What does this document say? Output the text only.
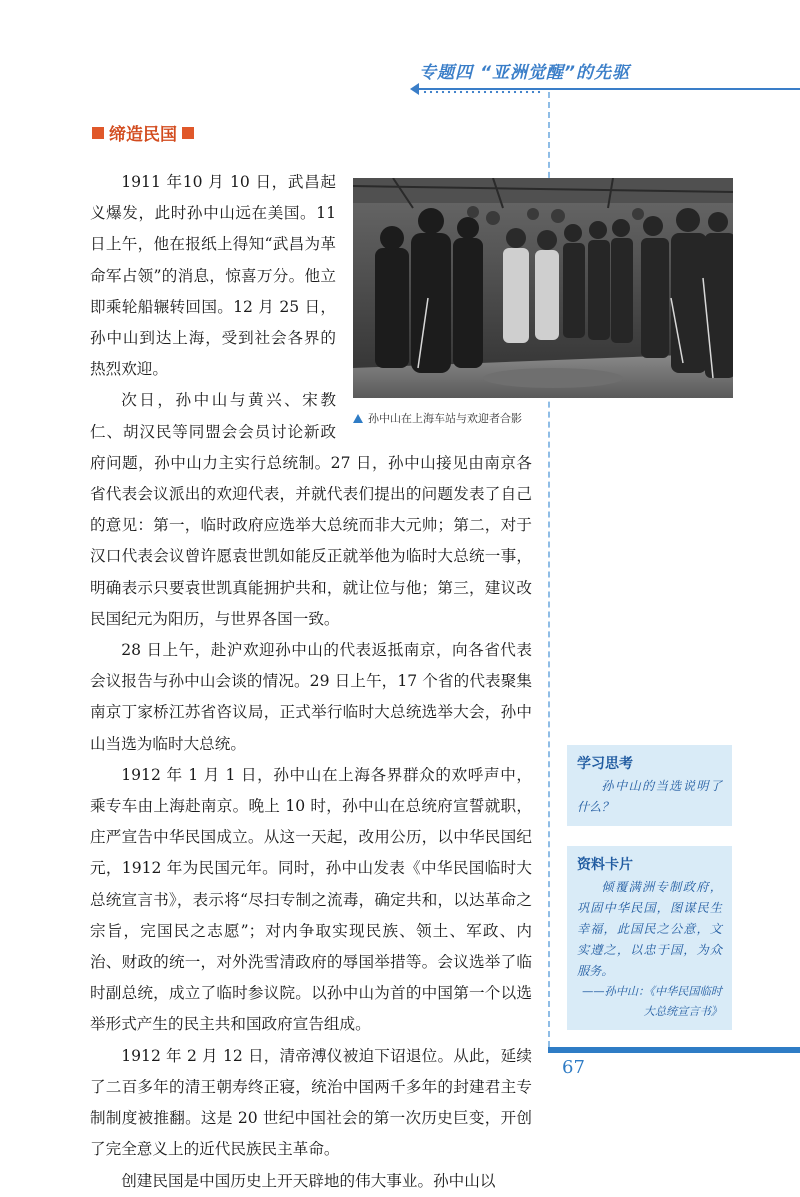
专题四 “亚洲觉醒”的先驱
缔造民国

1911 年10 月 10 日，武昌起义爆发，此时孙中山远在美国。11 日上午，他在报纸上得知“武昌为革命军占领”的消息，惊喜万分。他立即乘轮船辗转回国。12 月 25 日，孙中山到达上海，受到社会各界的热烈欢迎。

次日，孙中山与黄兴、宋教仁、胡汉民等同盟会会员讨论新政府问题，孙中山力主实行总统制。27 日，孙中山接见由南京各省代表会议派出的欢迎代表，并就代表们提出的问题发表了自己的意见：第一，临时政府应选举大总统而非大元帅；第二，对于汉口代表会议曾许愿袁世凯如能反正就举他为临时大总统一事，明确表示只要袁世凯真能拥护共和，就让位与他；第三，建议改民国纪元为阳历，与世界各国一致。

28 日上午，赴沪欢迎孙中山的代表返抵南京，向各省代表会议报告与孙中山会谈的情况。29 日上午，17 个省的代表聚集南京丁家桥江苏省咨议局，正式举行临时大总统选举大会，孙中山当选为临时大总统。

1912 年 1 月 1 日，孙中山在上海各界群众的欢呼声中，乘专车由上海赴南京。晚上 10 时，孙中山在总统府宣誓就职，庄严宣告中华民国成立。从这一天起，改用公历，以中华民国纪元，1912 年为民国元年。同时，孙中山发表《中华民国临时大总统宣言书》，表示将“尽扫专制之流毒，确定共和，以达革命之宗旨，完国民之志愿”；对内争取实现民族、领土、军政、内治、财政的统一，对外洗雪清政府的辱国举措等。会议选举了临时副总统，成立了临时参议院。以孙中山为首的中国第一个以选举形式产生的民主共和国政府宣告组成。

1912 年 2 月 12 日，清帝溥仪被迫下诏退位。从此，延续了二百多年的清王朝寿终正寝，统治中国两千多年的封建君主专制制度被推翻。这是 20 世纪中国社会的第一次历史巨变，开创了完全意义上的近代民族民主革命。

创建民国是中国历史上开天辟地的伟大事业。孙中山以

孙中山在上海车站与欢迎者合影
学习思考
孙中山的当选说明了什么？
资料卡片
倾覆满洲专制政府，巩固中华民国，图谋民生幸福，此国民之公意，文实遵之，以忠于国，为众服务。
——孙中山：《中华民国临时大总统宣言书》
67
